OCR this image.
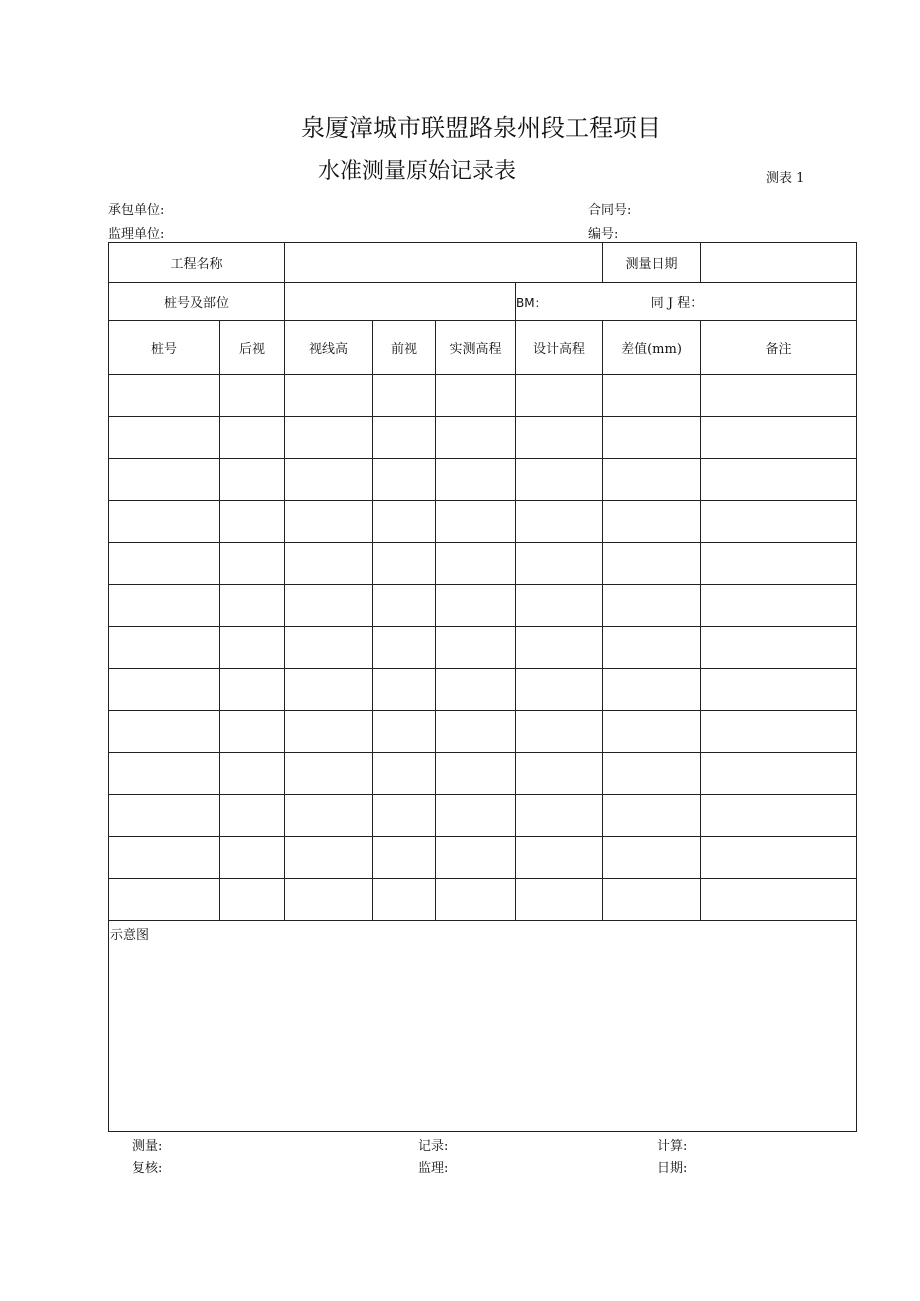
泉厦漳城市联盟路泉州段工程项目
水准测量原始记录表	测表 1
承包单位:	合同号:
监理单位:	编号:
工程名称						测量日期	
桩号及部位					BM： 同 J 程：		
桩号	后视	视线高	前视	实测高程	设计高程	差值(mm)	备注

示意图							
测量:	记录:	计算:
复核:	监理:	日期:
